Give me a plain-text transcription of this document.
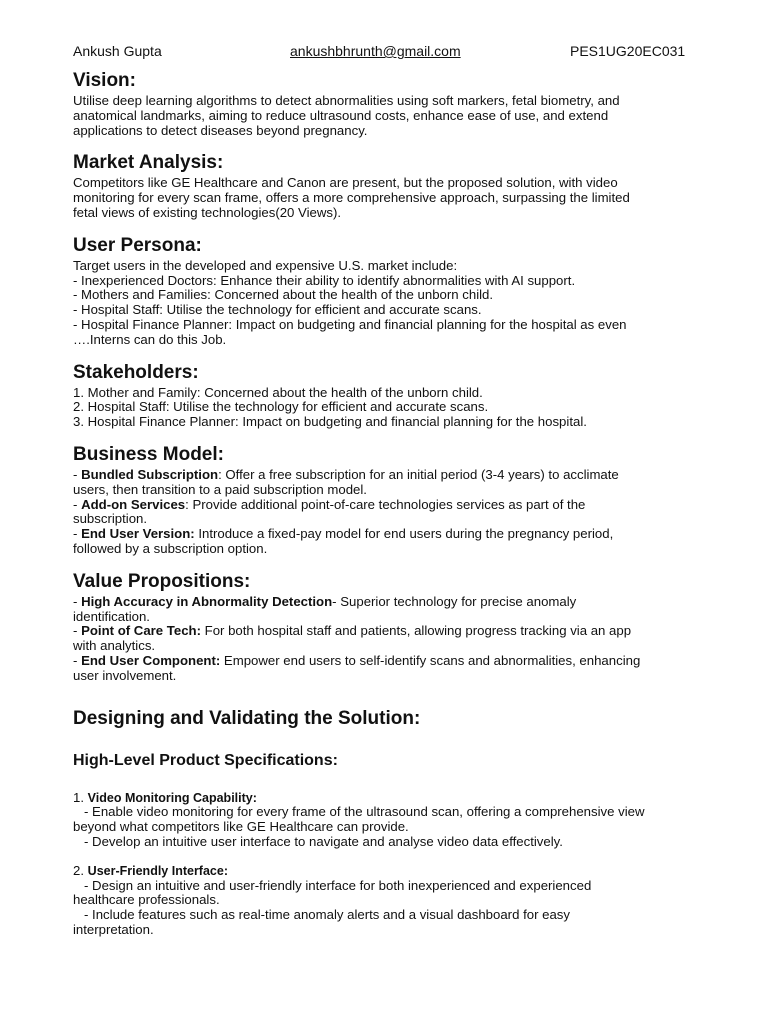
Ankush Gupta	ankushbhrunth@gmail.com	PES1UG20EC031
Vision:
Utilise deep learning algorithms to detect abnormalities using soft markers, fetal biometry, and
anatomical landmarks, aiming to reduce ultrasound costs, enhance ease of use, and extend
applications to detect diseases beyond pregnancy.
Market Analysis:
Competitors like GE Healthcare and Canon are present, but the proposed solution, with video
monitoring for every scan frame, offers a more comprehensive approach, surpassing the limited
fetal views of existing technologies(20 Views).
User Persona:
Target users in the developed and expensive U.S. market include:
- Inexperienced Doctors: Enhance their ability to identify abnormalities with AI support.
- Mothers and Families: Concerned about the health of the unborn child.
- Hospital Staff: Utilise the technology for efficient and accurate scans.
- Hospital Finance Planner: Impact on budgeting and financial planning for the hospital as even
….Interns can do this Job.
Stakeholders:
1. Mother and Family: Concerned about the health of the unborn child.
2. Hospital Staff: Utilise the technology for efficient and accurate scans.
3. Hospital Finance Planner: Impact on budgeting and financial planning for the hospital.
Business Model:
- Bundled Subscription: Offer a free subscription for an initial period (3-4 years) to acclimate
users, then transition to a paid subscription model.
- Add-on Services: Provide additional point-of-care technologies services as part of the
subscription.
- End User Version: Introduce a fixed-pay model for end users during the pregnancy period,
followed by a subscription option.
Value Propositions:
- High Accuracy in Abnormality Detection- Superior technology for precise anomaly
identification.
- Point of Care Tech: For both hospital staff and patients, allowing progress tracking via an app
with analytics.
- End User Component: Empower end users to self-identify scans and abnormalities, enhancing
user involvement.
Designing and Validating the Solution:
High-Level Product Specifications:
1. Video Monitoring Capability:
- Enable video monitoring for every frame of the ultrasound scan, offering a comprehensive view
beyond what competitors like GE Healthcare can provide.
- Develop an intuitive user interface to navigate and analyse video data effectively.
2. User-Friendly Interface:
- Design an intuitive and user-friendly interface for both inexperienced and experienced
healthcare professionals.
- Include features such as real-time anomaly alerts and a visual dashboard for easy
interpretation.
